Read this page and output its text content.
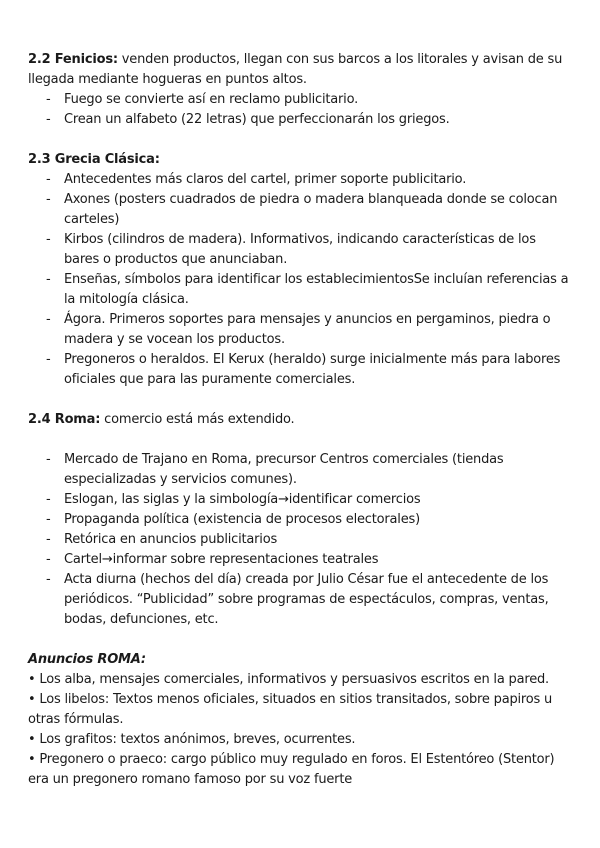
2.2 Fenicios: venden productos, llegan con sus barcos a los litorales y avisan de su llegada mediante hogueras en puntos altos.

- Fuego se convierte así en reclamo publicitario.
- Crean un alfabeto (22 letras) que perfeccionarán los griegos.

2.3 Grecia Clásica:

- Antecedentes más claros del cartel, primer soporte publicitario.
- Axones (posters cuadrados de piedra o madera blanqueada donde se colocan carteles)
- Kirbos (cilindros de madera). Informativos, indicando características de los bares o productos que anunciaban.
- Enseñas, símbolos para identificar los establecimientosSe incluían referencias a la mitología clásica.
- Ágora. Primeros soportes para mensajes y anuncios en pergaminos, piedra o madera y se vocean los productos.
- Pregoneros o heraldos. El Kerux (heraldo) surge inicialmente más para labores oficiales que para las puramente comerciales.

2.4 Roma: comercio está más extendido.

- Mercado de Trajano en Roma, precursor Centros comerciales (tiendas especializadas y servicios comunes).
- Eslogan, las siglas y la simbología→identificar comercios
- Propaganda política (existencia de procesos electorales)
- Retórica en anuncios publicitarios
- Cartel→informar sobre representaciones teatrales
- Acta diurna (hechos del día) creada por Julio César fue el antecedente de los periódicos. “Publicidad” sobre programas de espectáculos, compras, ventas, bodas, defunciones, etc.

Anuncios ROMA:

• Los alba, mensajes comerciales, informativos y persuasivos escritos en la pared.

• Los libelos: Textos menos oficiales, situados en sitios transitados, sobre papiros u otras fórmulas.

• Los grafitos: textos anónimos, breves, ocurrentes.

• Pregonero o praeco: cargo público muy regulado en foros. El Estentóreo (Stentor) era un pregonero romano famoso por su voz fuerte
